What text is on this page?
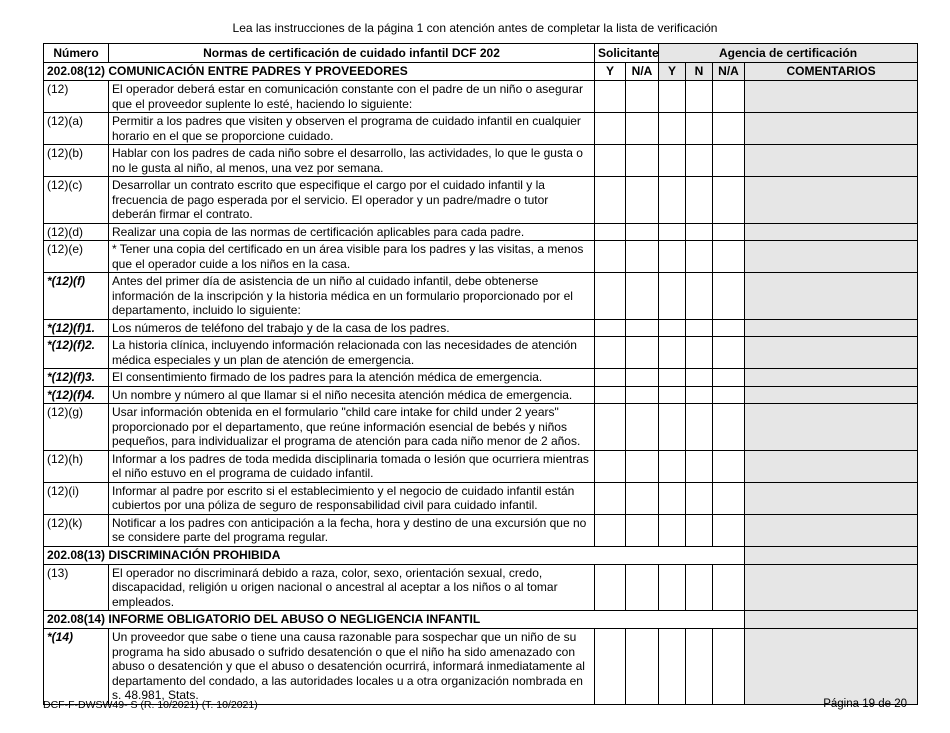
Lea las instrucciones de la página 1 con atención antes de completar la lista de verificación
Número	Normas de certificación de cuidado infantil DCF 202	Solicitante		Agencia de certificación			
202.08(12) COMUNICACIÓN ENTRE PADRES Y PROVEEDORES		Y	N/A	Y	N	N/A	COMENTARIOS
(12)	El operador deberá estar en comunicación constante con el padre de un niño o asegurar que el proveedor suplente lo esté, haciendo lo siguiente:						
(12)(a)	Permitir a los padres que visiten y observen el programa de cuidado infantil en cualquier horario en el que se proporcione cuidado.						
(12)(b)	Hablar con los padres de cada niño sobre el desarrollo, las actividades, lo que le gusta o no le gusta al niño, al menos, una vez por semana.						
(12)(c)	Desarrollar un contrato escrito que especifique el cargo por el cuidado infantil y la frecuencia de pago esperada por el servicio. El operador y un padre/madre o tutor deberán firmar el contrato.						
(12)(d)	Realizar una copia de las normas de certificación aplicables para cada padre.						
(12)(e)	* Tener una copia del certificado en un área visible para los padres y las visitas, a menos que el operador cuide a los niños en la casa.						
*(12)(f)	Antes del primer día de asistencia de un niño al cuidado infantil, debe obtenerse información de la inscripción y la historia médica en un formulario proporcionado por el departamento, incluido lo siguiente:						
*(12)(f)1.	Los números de teléfono del trabajo y de la casa de los padres.						
*(12)(f)2.	La historia clínica, incluyendo información relacionada con las necesidades de atención médica especiales y un plan de atención de emergencia.						
*(12)(f)3.	El consentimiento firmado de los padres para la atención médica de emergencia.						
*(12)(f)4.	Un nombre y número al que llamar si el niño necesita atención médica de emergencia.						
(12)(g)	Usar información obtenida en el formulario "child care intake for child under 2 years" proporcionado por el departamento, que reúne información esencial de bebés y niños pequeños, para individualizar el programa de atención para cada niño menor de 2 años.						
(12)(h)	Informar a los padres de toda medida disciplinaria tomada o lesión que ocurriera mientras el niño estuvo en el programa de cuidado infantil.						
(12)(i)	Informar al padre por escrito si el establecimiento y el negocio de cuidado infantil están cubiertos por una póliza de seguro de responsabilidad civil para cuidado infantil.						
(12)(k)	Notificar a los padres con anticipación a la fecha, hora y destino de una excursión que no se considere parte del programa regular.						
202.08(13) DISCRIMINACIÓN PROHIBIDA							
(13)	El operador no discriminará debido a raza, color, sexo, orientación sexual, credo, discapacidad, religión u origen nacional o ancestral al aceptar a los niños o al tomar empleados.						
202.08(14) INFORME OBLIGATORIO DEL ABUSO O NEGLIGENCIA INFANTIL							
*(14)	Un proveedor que sabe o tiene una causa razonable para sospechar que un niño de su programa ha sido abusado o sufrido desatención o que el niño ha sido amenazado con abuso o desatención y que el abuso o desatención ocurrirá, informará inmediatamente al departamento del condado, a las autoridades locales u a otra organización nombrada en s. 48.981, Stats.						
DCF-F-DWSW49- S (R. 10/2021) (T. 10/2021)	Página 19 de 20
